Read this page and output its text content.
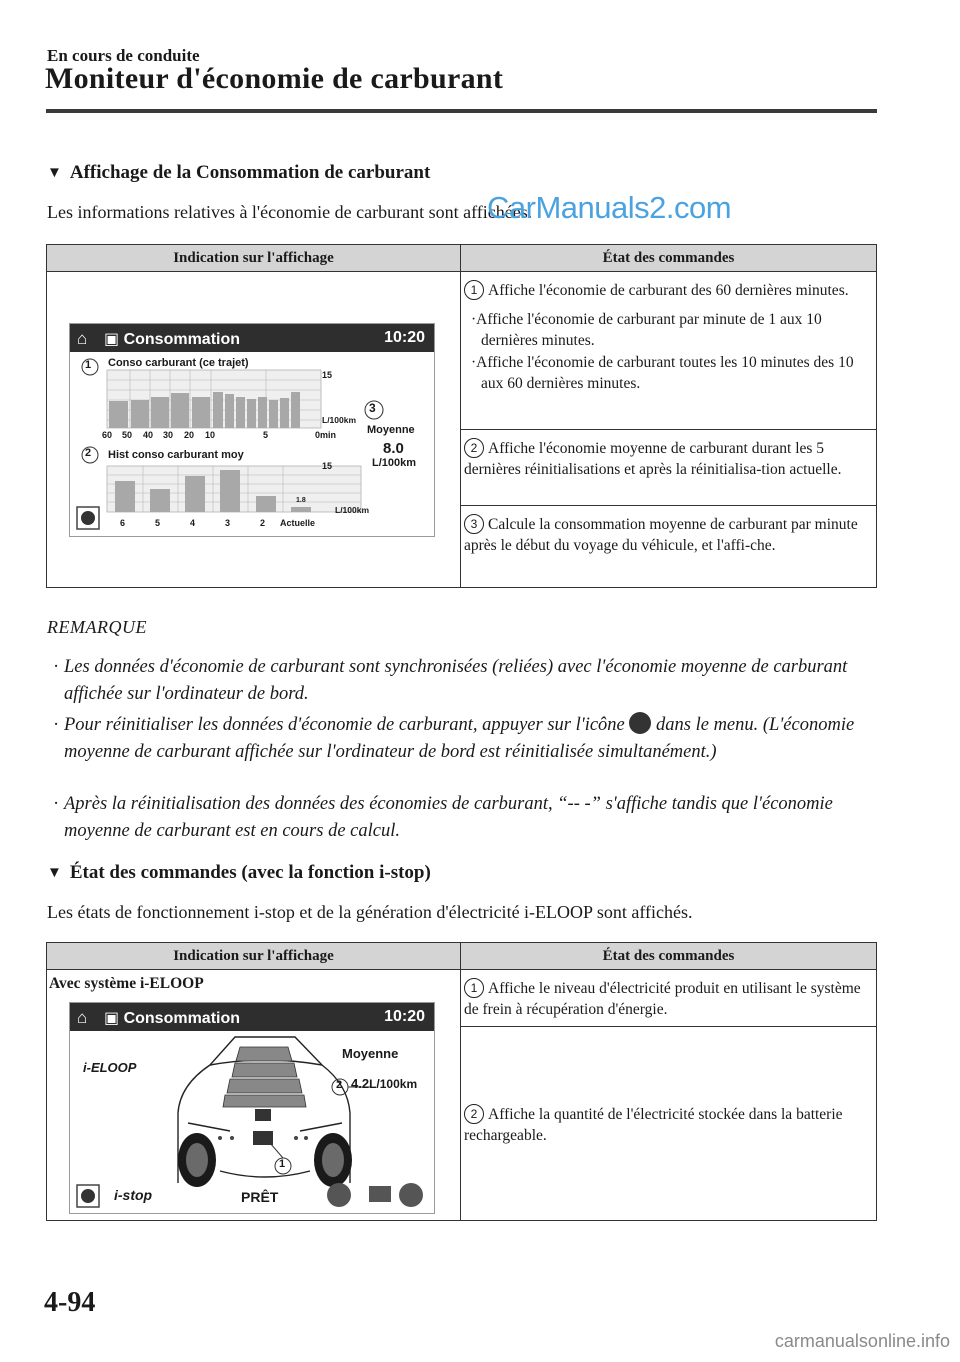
En cours de conduite
Moniteur d'économie de carburant
▼ Affichage de la Consommation de carburant
Les informations relatives à l'économie de carburant sont affichées.
CarManuals2.com
Indication sur l'affichage	État des commandes
	1 Affiche l'économie de carburant des 60 dernières minutes.
·Affiche l'économie de carburant par minute de 1 aux 10 dernières minutes.
·Affiche l'économie de carburant toutes les 10 minutes des 10 aux 60 dernières minutes.

	2 Affiche l'économie moyenne de carburant durant les 5 dernières réinitialisations et après la réinitialisa-tion actuelle.
	3 Calcule la consommation moyenne de carburant par minute après le début du voyage du véhicule, et l'affi-che.
⌂ ▣ Consommation	10:20
1
2
3
Conso carburant (ce trajet)
15
L/100km
60 50 40 30 20 10	5	0min
Hist conso carburant moy
15
1.8
L/100km
6	5	4	3	2 Actuelle
Moyenne
8.0
L/100km
REMARQUE
· Les données d'économie de carburant sont synchronisées (reliées) avec l'économie moyenne de carburant affichée sur l'ordinateur de bord.
· Pour réinitialiser les données d'économie de carburant, appuyer sur l'icône dans le menu. (L'économie moyenne de carburant affichée sur l'ordinateur de bord est réinitialisée simultanément.)
· Après la réinitialisation des données des économies de carburant, “-- -” s'affiche tandis que l'économie moyenne de carburant est en cours de calcul.
▼ État des commandes (avec la fonction i-stop)
Les états de fonctionnement i-stop et de la génération d'électricité i-ELOOP sont affichés.
Indication sur l'affichage	État des commandes
Avec système i-ELOOP	1 Affiche le niveau d'électricité produit en utilisant le système de frein à récupération d'énergie.
	2 Affiche la quantité de l'électricité stockée dans la batterie rechargeable.
⌂ ▣ Consommation	10:20
2
1
i-ELOOP
Moyenne
4.2L/100km
i-stop	PRÊT
4-94
carmanualsonline.info
